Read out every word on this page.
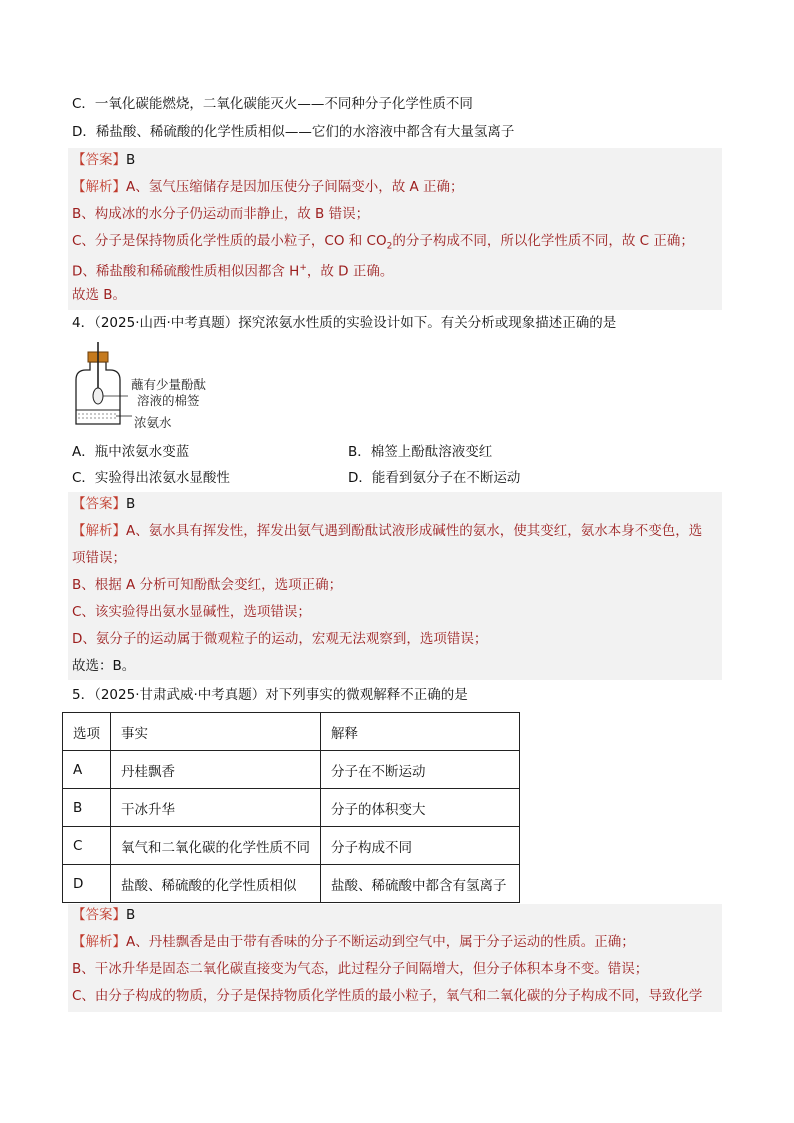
C．一氧化碳能燃烧，二氧化碳能灭火——不同种分子化学性质不同
D．稀盐酸、稀硫酸的化学性质相似——它们的水溶液中都含有大量氢离子
【答案】B
【解析】A、氢气压缩储存是因加压使分子间隔变小，故 A 正确；
B、构成冰的水分子仍运动而非静止，故 B 错误；
C、分子是保持物质化学性质的最小粒子，CO 和 $CO_2$的分子构成不同，所以化学性质不同，故 C 正确；
D、稀盐酸和稀硫酸性质相似因都含 H+，故 D 正确。
故选 B。
4．（2025·山西·中考真题）探究浓氨水性质的实验设计如下。有关分析或现象描述正确的是
蘸有少量酚酞
溶液的棉签
浓氨水
A．瓶中浓氨水变蓝	B．棉签上酚酞溶液变红
C．实验得出浓氨水显酸性	D．能看到氨分子在不断运动
【答案】B
【解析】A、氨水具有挥发性，挥发出氨气遇到酚酞试液形成碱性的氨水，使其变红，氨水本身不变色，选
项错误；
B、根据 A 分析可知酚酞会变红，选项正确；
C、该实验得出氨水显碱性，选项错误；
D、氨分子的运动属于微观粒子的运动，宏观无法观察到，选项错误；
故选：B。
5．（2025·甘肃武威·中考真题）对下列事实的微观解释不正确的是
选项	事实	解释
A	丹桂飘香	分子在不断运动
B	干冰升华	分子的体积变大
C	氧气和二氧化碳的化学性质不同	分子构成不同
D	盐酸、稀硫酸的化学性质相似	盐酸、稀硫酸中都含有氢离子
【答案】B
【解析】A、丹桂飘香是由于带有香味的分子不断运动到空气中，属于分子运动的性质。正确；
B、干冰升华是固态二氧化碳直接变为气态，此过程分子间隔增大，但分子体积本身不变。错误；
C、由分子构成的物质，分子是保持物质化学性质的最小粒子，氧气和二氧化碳的分子构成不同，导致化学
